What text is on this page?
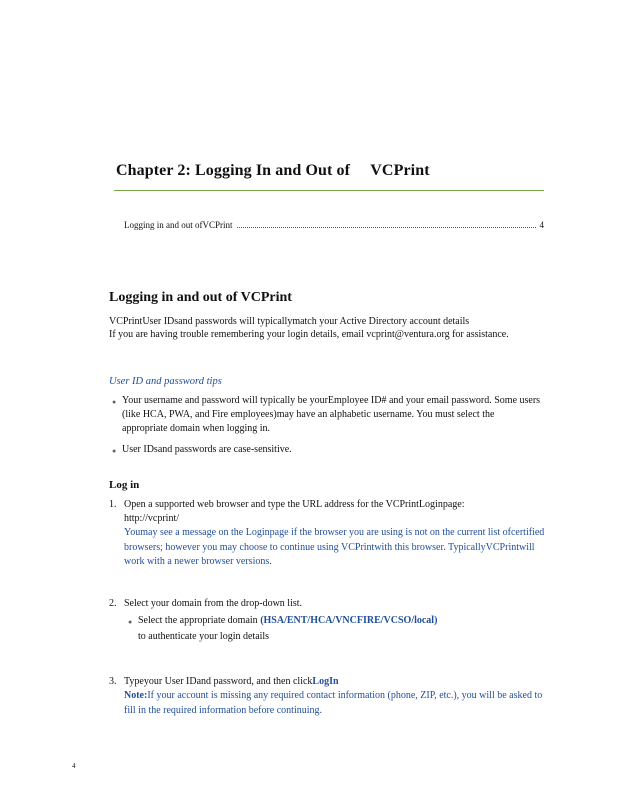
Chapter 2: Logging In and Out of VCPrint
Logging in and out ofVCPrint	4
Logging in and out of VCPrint
VCPrintUser IDsand passwords will typicallymatch your Active Directory account details
If you are having trouble remembering your login details, email vcprint@ventura.org for assistance.
User ID and password tips
● Your username and password will typically be yourEmployee ID# and your email password. Some users (like HCA, PWA, and Fire employees)may have an alphabetic username. You must select the appropriate domain when logging in.
● User IDsand passwords are case-sensitive.
Log in
1. Open a supported web browser and type the URL address for the VCPrintLoginpage:
http://vcprint/
Youmay see a message on the Loginpage if the browser you are using is not on the current list ofcertified browsers; however you may choose to continue using VCPrintwith this browser. TypicallyVCPrintwill work with a newer browser versions.
2. Select your domain from the drop-down list.
● Select the appropriate domain (HSA/ENT/HCA/VNCFIRE/VCSO/local)
to authenticate your login details
3. Typeyour User IDand password, and then clickLogIn
Note:If your account is missing any required contact information (phone, ZIP, etc.), you will be asked to fill in the required information before continuing.
4
